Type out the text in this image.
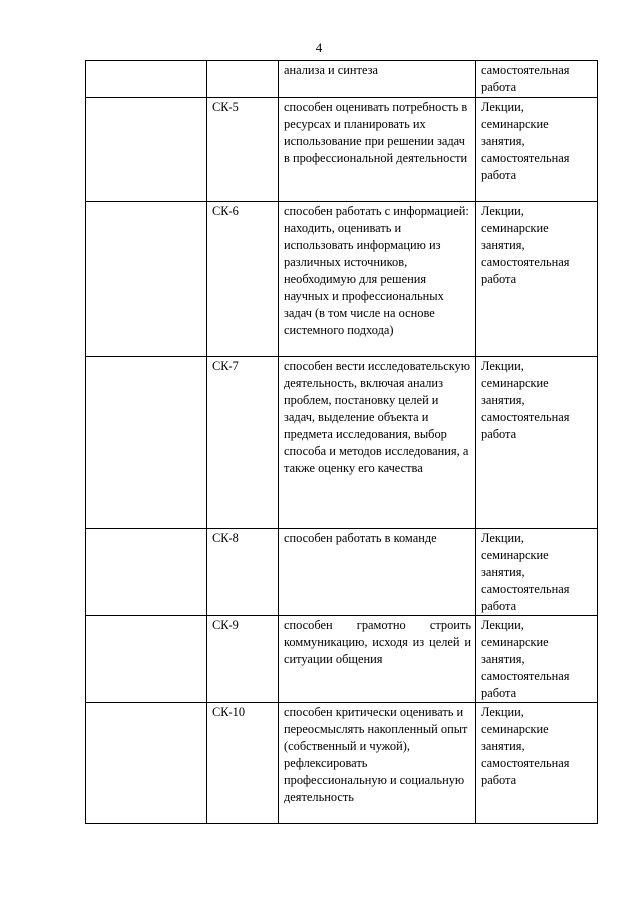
4
		анализа и синтеза	самостоятельная работа
	СК-5	способен оценивать потребность в ресурсах и планировать их использование при решении задач в профессиональной деятельности	Лекции, семинарские занятия, самостоятельная работа
	СК-6	способен работать с информацией: находить, оценивать и использовать информацию из различных источников, необходимую для решения научных и профессиональных задач (в том числе на основе системного подхода)	Лекции, семинарские занятия, самостоятельная работа
	СК-7	способен вести исследовательскую деятельность, включая анализ проблем, постановку целей и задач, выделение объекта и предмета исследования, выбор способа и методов исследования, а также оценку его качества	Лекции, семинарские занятия, самостоятельная работа
	СК-8	способен работать в команде	Лекции, семинарские занятия, самостоятельная работа
	СК-9	способен грамотно строить коммуникацию, исходя из целей и ситуации общения	Лекции, семинарские занятия, самостоятельная работа
	СК-10	способен критически оценивать и переосмыслять накопленный опыт (собственный и чужой), рефлексировать профессиональную и социальную деятельность	Лекции, семинарские занятия, самостоятельная работа
